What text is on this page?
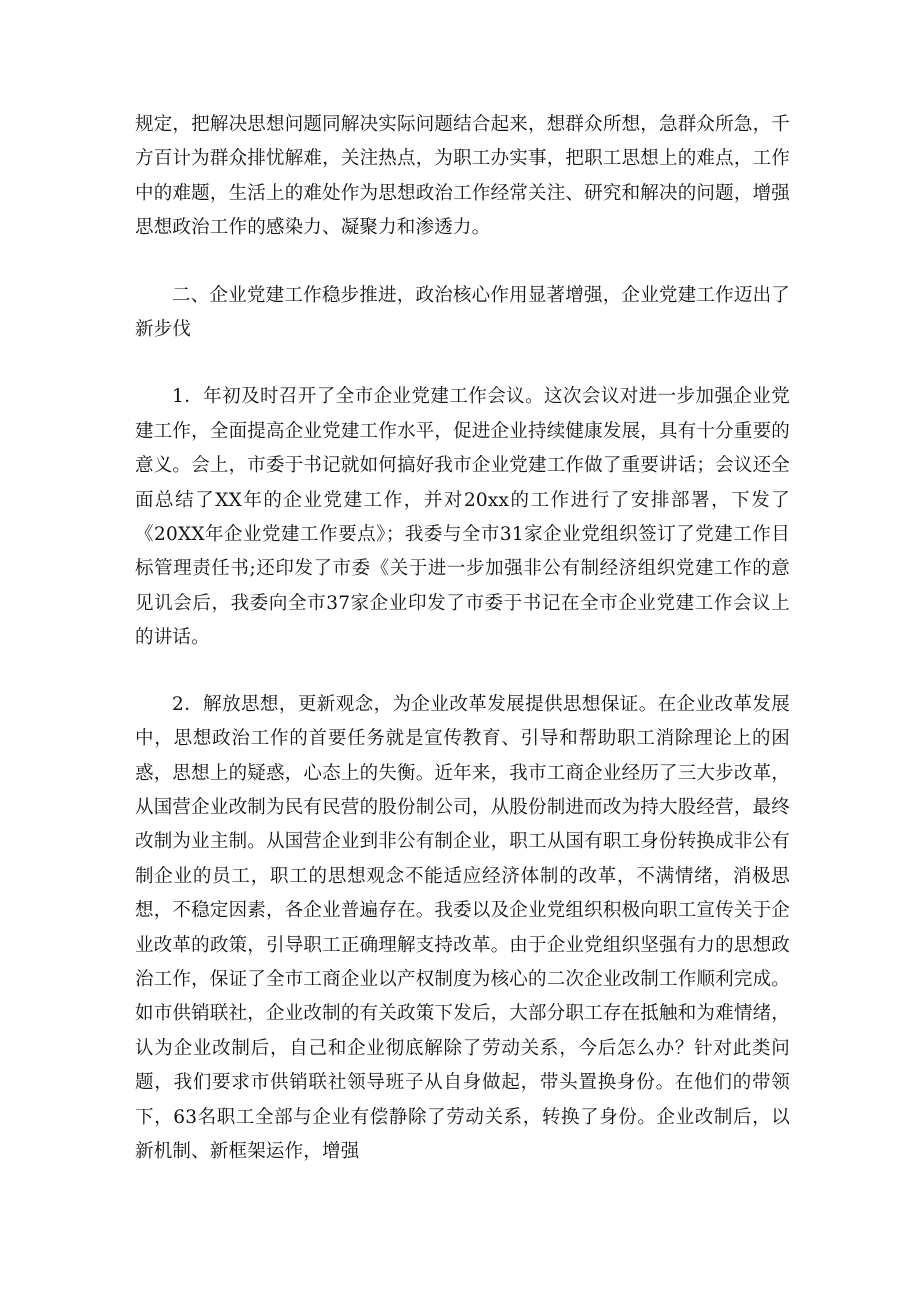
规定，把解决思想问题同解决实际问题结合起来，想群众所想，急群众所急，千方百计为群众排忧解难，关注热点，为职工办实事，把职工思想上的难点，工作中的难题，生活上的难处作为思想政治工作经常关注、研究和解决的问题，增强思想政治工作的感染力、凝聚力和渗透力。

二、企业党建工作稳步推进，政治核心作用显著增强，企业党建工作迈出了新步伐

1．年初及时召开了全市企业党建工作会议。这次会议对进一步加强企业党建工作，全面提高企业党建工作水平，促进企业持续健康发展，具有十分重要的意义。会上，市委于书记就如何搞好我市企业党建工作做了重要讲话；会议还全面总结了XX年的企业党建工作，并对20xx的工作进行了安排部署，下发了《20XX年企业党建工作要点》；我委与全市31家企业党组织签订了党建工作目标管理责任书;还印发了市委《关于进一步加强非公有制经济组织党建工作的意见讥会后，我委向全市37家企业印发了市委于书记在全市企业党建工作会议上的讲话。

2．解放思想，更新观念，为企业改革发展提供思想保证。在企业改革发展中，思想政治工作的首要任务就是宣传教育、引导和帮助职工消除理论上的困惑，思想上的疑惑，心态上的失衡。近年来，我市工商企业经历了三大步改革，从国营企业改制为民有民营的股份制公司，从股份制进而改为持大股经营，最终改制为业主制。从国营企业到非公有制企业，职工从国有职工身份转换成非公有制企业的员工，职工的思想观念不能适应经济体制的改革，不满情绪，消极思想，不稳定因素，各企业普遍存在。我委以及企业党组织积极向职工宣传关于企业改革的政策，引导职工正确理解支持改革。由于企业党组织坚强有力的思想政治工作，保证了全市工商企业以产权制度为核心的二次企业改制工作顺利完成。如市供销联社，企业改制的有关政策下发后，大部分职工存在抵触和为难情绪，认为企业改制后，自己和企业彻底解除了劳动关系，今后怎么办？针对此类问题，我们要求市供销联社领导班子从自身做起，带头置换身份。在他们的带领下，63名职工全部与企业有偿静除了劳动关系，转换了身份。企业改制后，以新机制、新框架运作，增强
